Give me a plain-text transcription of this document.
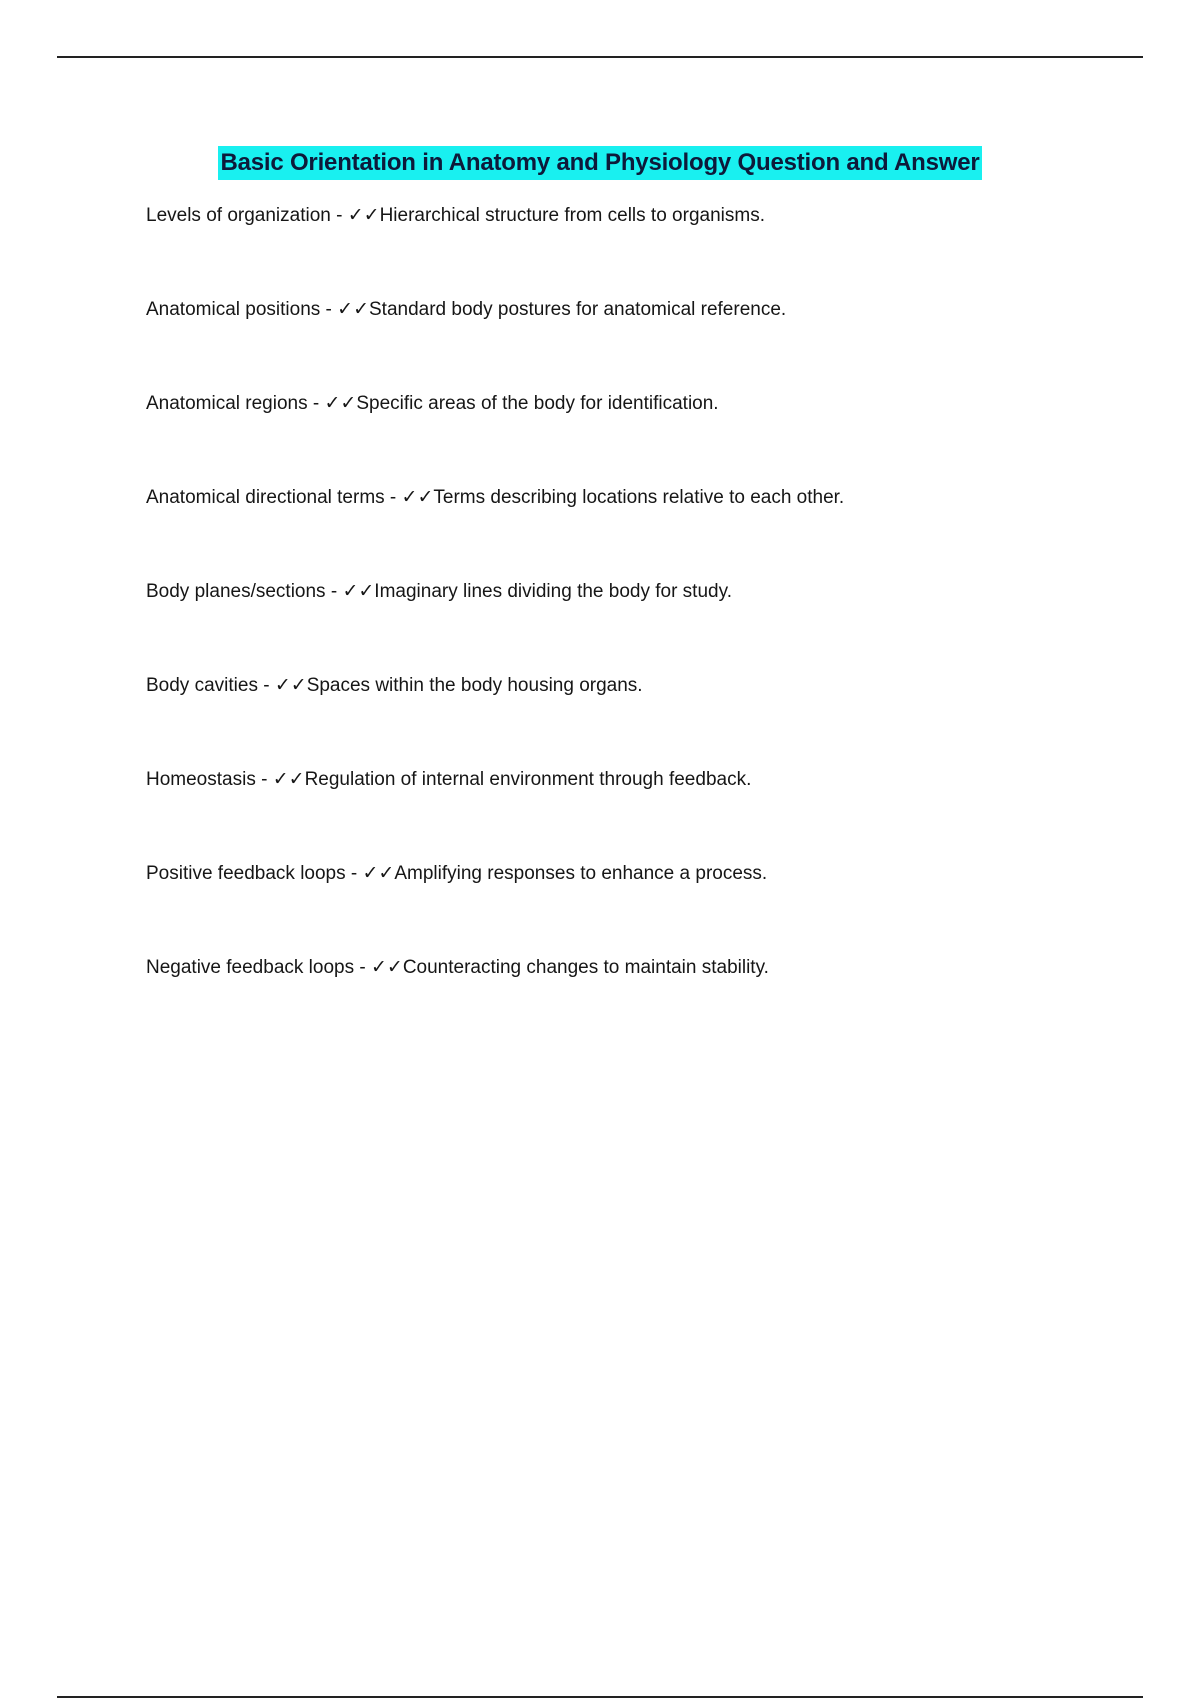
Basic Orientation in Anatomy and Physiology Question and Answer
Levels of organization - ✓✓Hierarchical structure from cells to organisms.
Anatomical positions - ✓✓Standard body postures for anatomical reference.
Anatomical regions - ✓✓Specific areas of the body for identification.
Anatomical directional terms - ✓✓Terms describing locations relative to each other.
Body planes/sections - ✓✓Imaginary lines dividing the body for study.
Body cavities - ✓✓Spaces within the body housing organs.
Homeostasis - ✓✓Regulation of internal environment through feedback.
Positive feedback loops - ✓✓Amplifying responses to enhance a process.
Negative feedback loops - ✓✓Counteracting changes to maintain stability.
